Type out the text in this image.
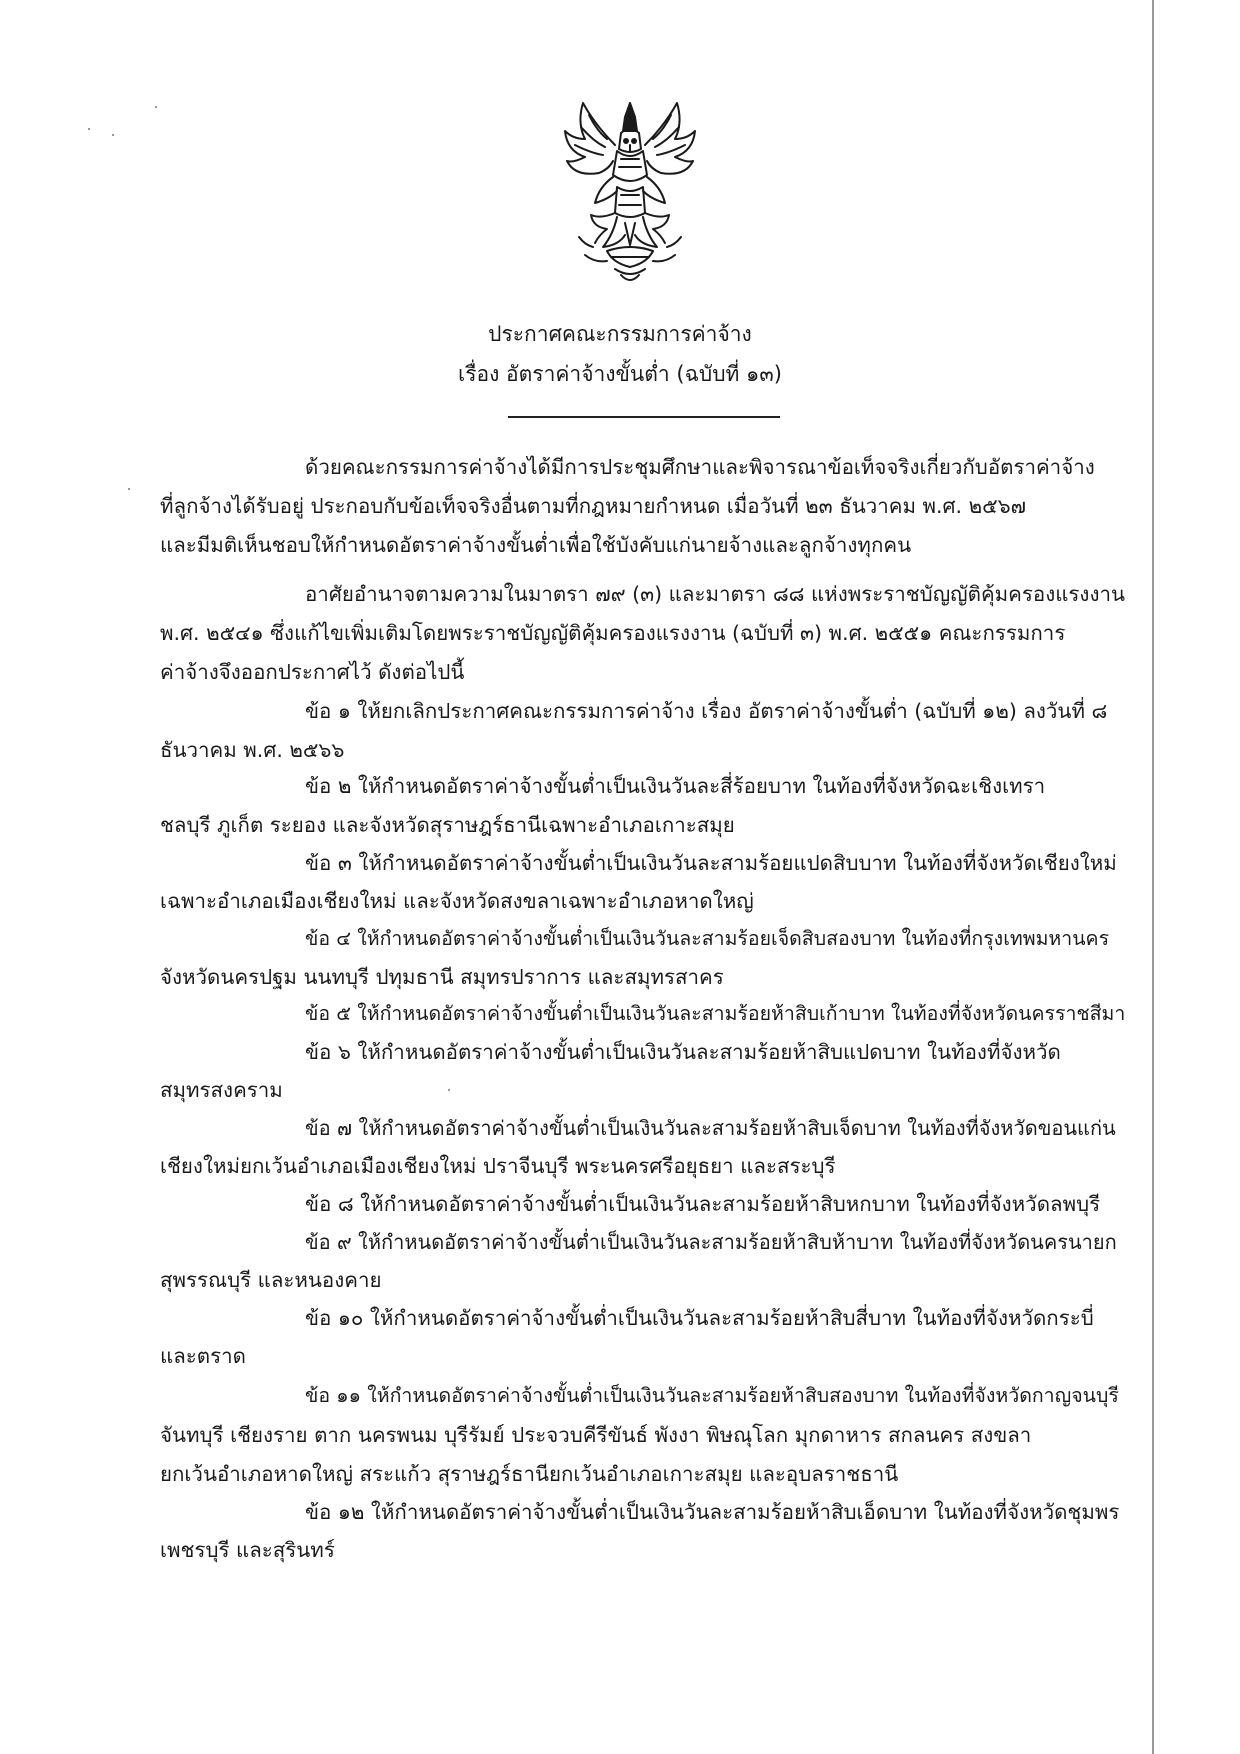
ประกาศคณะกรรมการค่าจ้าง
เรื่อง อัตราค่าจ้างขั้นต่ำ (ฉบับที่ ๑๓)
ด้วยคณะกรรมการค่าจ้างได้มีการประชุมศึกษาและพิจารณาข้อเท็จจริงเกี่ยวกับอัตราค่าจ้าง
ที่ลูกจ้างได้รับอยู่ ประกอบกับข้อเท็จจริงอื่นตามที่กฎหมายกำหนด เมื่อวันที่ ๒๓ ธันวาคม พ.ศ. ๒๕๖๗
และมีมติเห็นชอบให้กำหนดอัตราค่าจ้างขั้นต่ำเพื่อใช้บังคับแก่นายจ้างและลูกจ้างทุกคน
อาศัยอำนาจตามความในมาตรา ๗๙ (๓) และมาตรา ๘๘ แห่งพระราชบัญญัติคุ้มครองแรงงาน
พ.ศ. ๒๕๔๑ ซึ่งแก้ไขเพิ่มเติมโดยพระราชบัญญัติคุ้มครองแรงงาน (ฉบับที่ ๓) พ.ศ. ๒๕๕๑ คณะกรรมการ
ค่าจ้างจึงออกประกาศไว้ ดังต่อไปนี้
ข้อ ๑ ให้ยกเลิกประกาศคณะกรรมการค่าจ้าง เรื่อง อัตราค่าจ้างขั้นต่ำ (ฉบับที่ ๑๒) ลงวันที่ ๘
ธันวาคม พ.ศ. ๒๕๖๖
ข้อ ๒ ให้กำหนดอัตราค่าจ้างขั้นต่ำเป็นเงินวันละสี่ร้อยบาท ในท้องที่จังหวัดฉะเชิงเทรา
ชลบุรี ภูเก็ต ระยอง และจังหวัดสุราษฎร์ธานีเฉพาะอำเภอเกาะสมุย
ข้อ ๓ ให้กำหนดอัตราค่าจ้างขั้นต่ำเป็นเงินวันละสามร้อยแปดสิบบาท ในท้องที่จังหวัดเชียงใหม่
เฉพาะอำเภอเมืองเชียงใหม่ และจังหวัดสงขลาเฉพาะอำเภอหาดใหญ่
ข้อ ๔ ให้กำหนดอัตราค่าจ้างขั้นต่ำเป็นเงินวันละสามร้อยเจ็ดสิบสองบาท ในท้องที่กรุงเทพมหานคร
จังหวัดนครปฐม นนทบุรี ปทุมธานี สมุทรปราการ และสมุทรสาคร
ข้อ ๕ ให้กำหนดอัตราค่าจ้างขั้นต่ำเป็นเงินวันละสามร้อยห้าสิบเก้าบาท ในท้องที่จังหวัดนครราชสีมา
ข้อ ๖ ให้กำหนดอัตราค่าจ้างขั้นต่ำเป็นเงินวันละสามร้อยห้าสิบแปดบาท ในท้องที่จังหวัด
สมุทรสงคราม
ข้อ ๗ ให้กำหนดอัตราค่าจ้างขั้นต่ำเป็นเงินวันละสามร้อยห้าสิบเจ็ดบาท ในท้องที่จังหวัดขอนแก่น
เชียงใหม่ยกเว้นอำเภอเมืองเชียงใหม่ ปราจีนบุรี พระนครศรีอยุธยา และสระบุรี
ข้อ ๘ ให้กำหนดอัตราค่าจ้างขั้นต่ำเป็นเงินวันละสามร้อยห้าสิบหกบาท ในท้องที่จังหวัดลพบุรี
ข้อ ๙ ให้กำหนดอัตราค่าจ้างขั้นต่ำเป็นเงินวันละสามร้อยห้าสิบห้าบาท ในท้องที่จังหวัดนครนายก
สุพรรณบุรี และหนองคาย
ข้อ ๑๐ ให้กำหนดอัตราค่าจ้างขั้นต่ำเป็นเงินวันละสามร้อยห้าสิบสี่บาท ในท้องที่จังหวัดกระบี่
และตราด
ข้อ ๑๑ ให้กำหนดอัตราค่าจ้างขั้นต่ำเป็นเงินวันละสามร้อยห้าสิบสองบาท ในท้องที่จังหวัดกาญจนบุรี
จันทบุรี เชียงราย ตาก นครพนม บุรีรัมย์ ประจวบคีรีขันธ์ พังงา พิษณุโลก มุกดาหาร สกลนคร สงขลา
ยกเว้นอำเภอหาดใหญ่ สระแก้ว สุราษฎร์ธานียกเว้นอำเภอเกาะสมุย และอุบลราชธานี
ข้อ ๑๒ ให้กำหนดอัตราค่าจ้างขั้นต่ำเป็นเงินวันละสามร้อยห้าสิบเอ็ดบาท ในท้องที่จังหวัดชุมพร
เพชรบุรี และสุรินทร์
